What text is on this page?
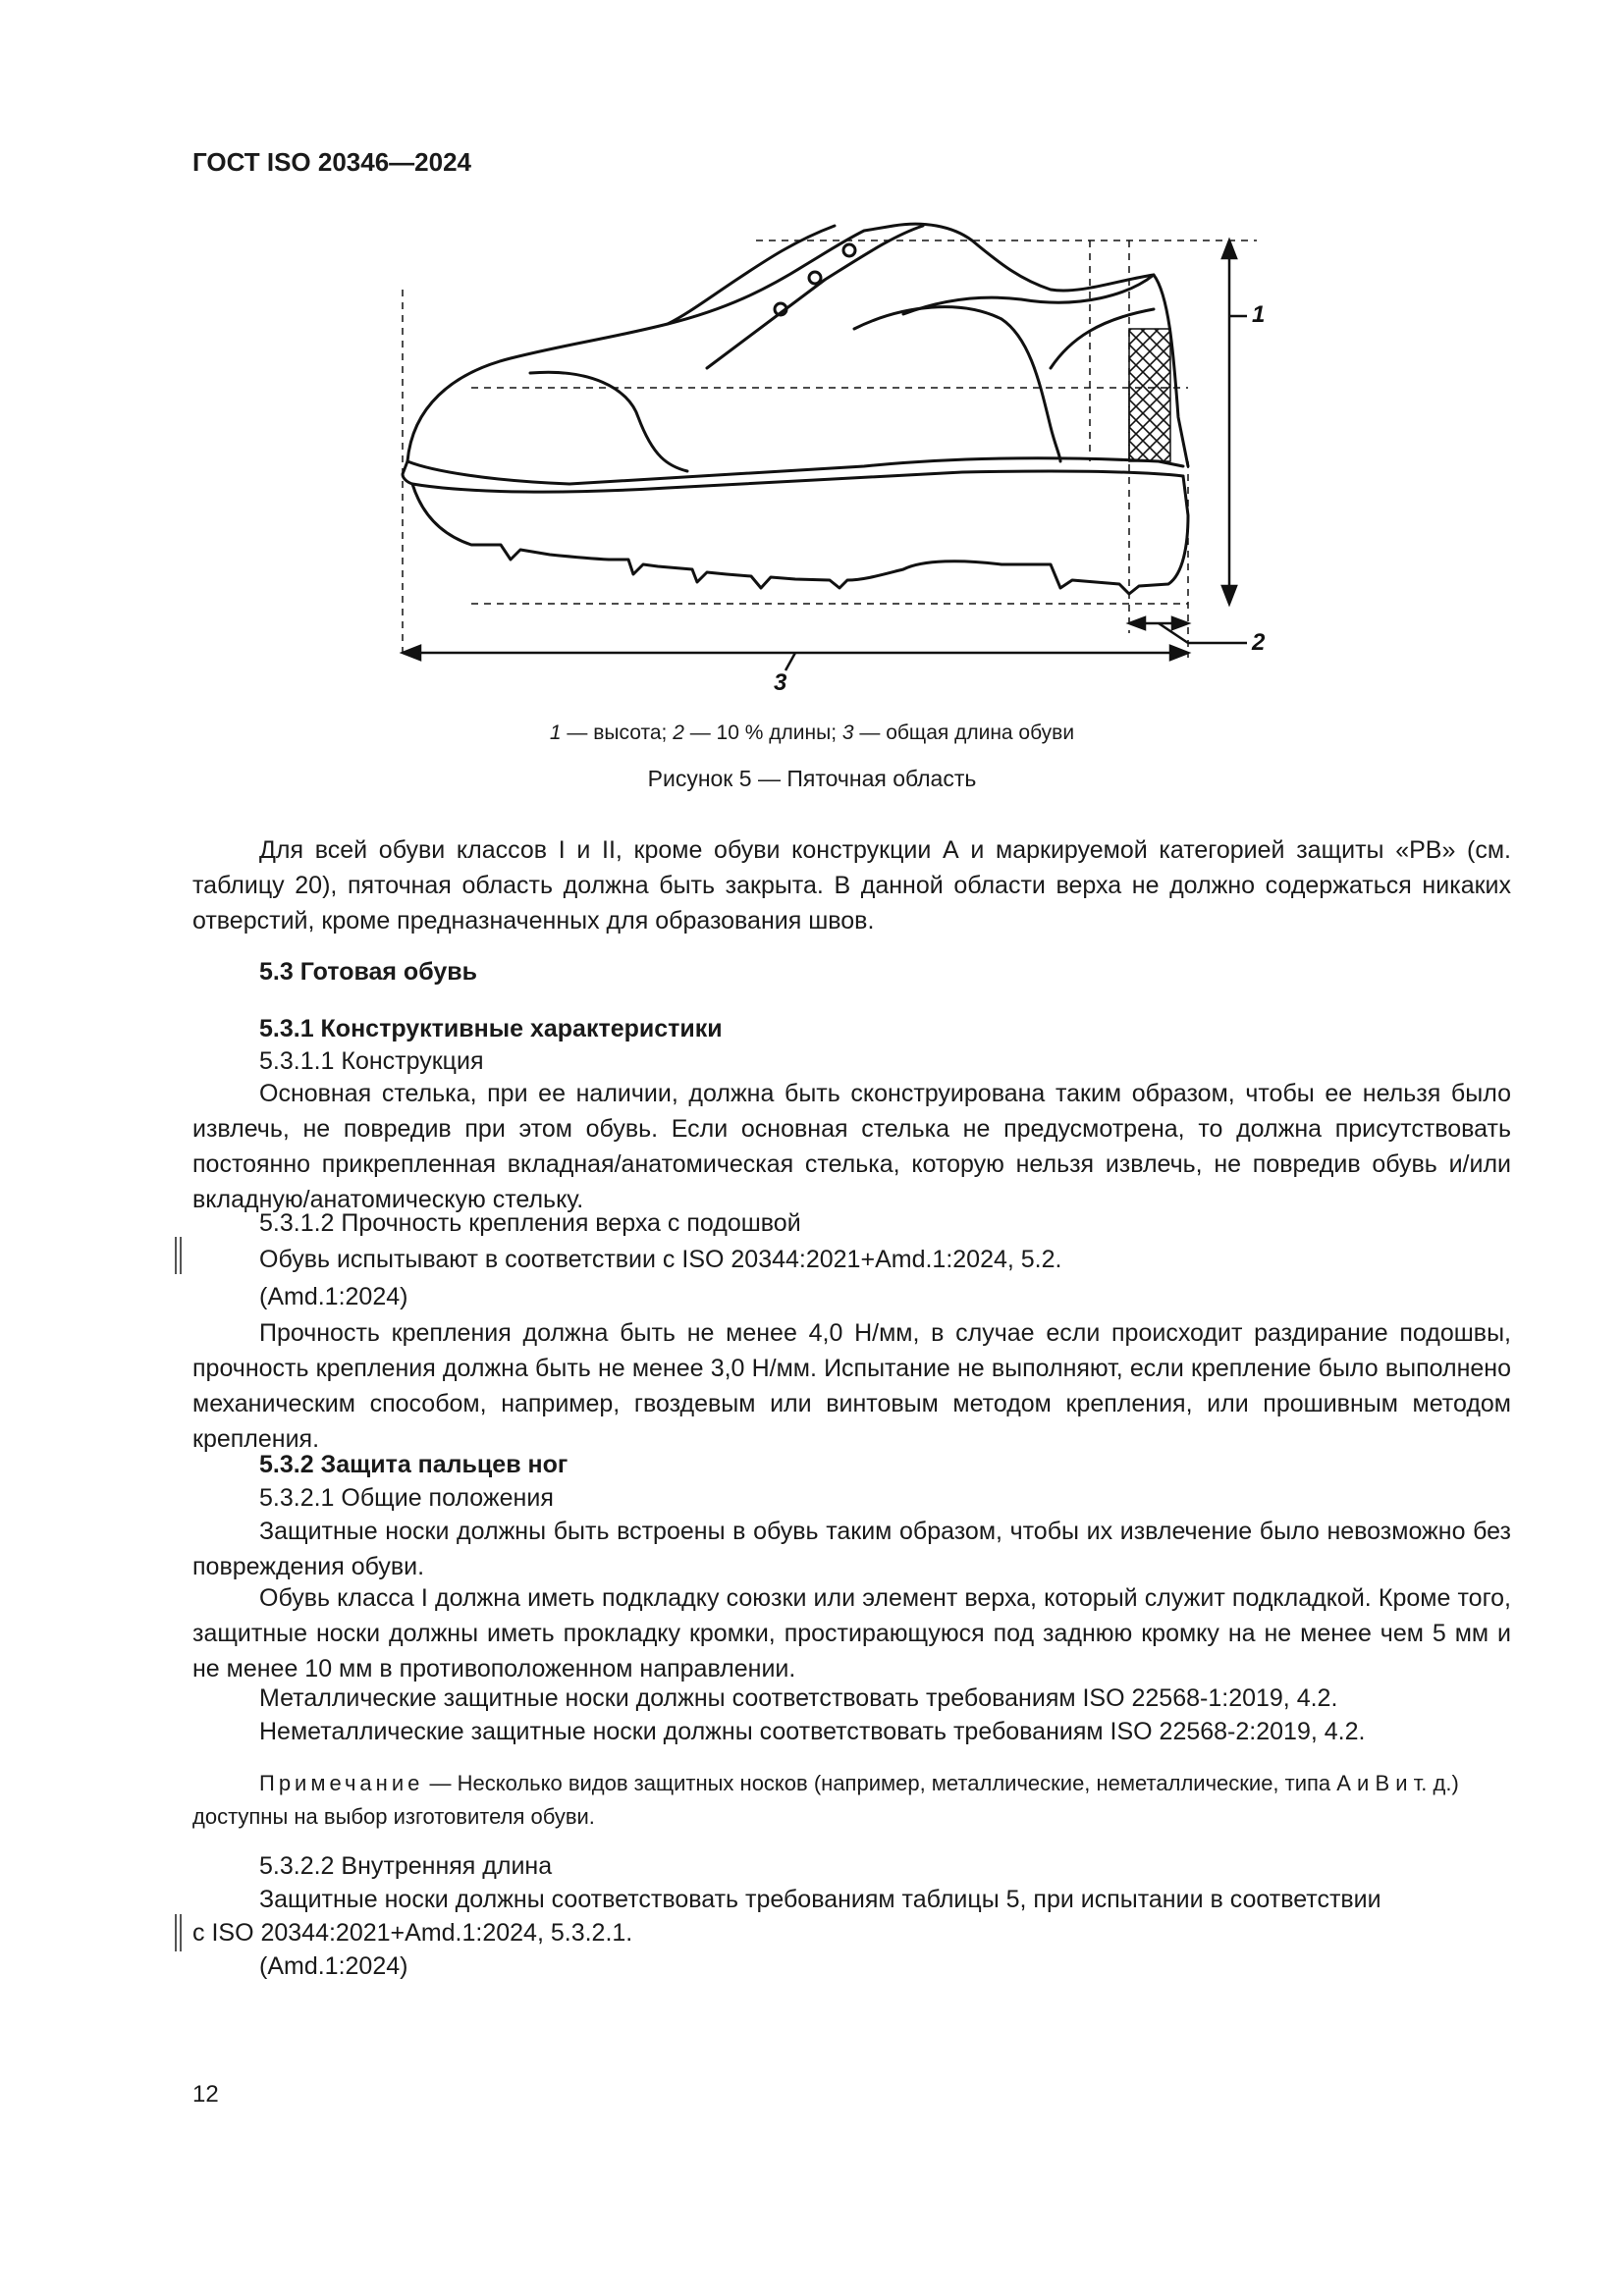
ГОСТ ISO 20346—2024
1
2
3
1 — высота; 2 — 10 % длины; 3 — общая длина обуви
Рисунок 5 — Пяточная область
Для всей обуви классов I и II, кроме обуви конструкции А и маркируемой категорией защиты «РВ» (см. таблицу 20), пяточная область должна быть закрыта. В данной области верха не должно содержаться никаких отверстий, кроме предназначенных для образования швов.
5.3 Готовая обувь
5.3.1 Конструктивные характеристики
5.3.1.1 Конструкция
Основная стелька, при ее наличии, должна быть сконструирована таким образом, чтобы ее нельзя было извлечь, не повредив при этом обувь. Если основная стелька не предусмотрена, то должна присутствовать постоянно прикрепленная вкладная/анатомическая стелька, которую нельзя извлечь, не повредив обувь и/или вкладную/анатомическую стельку.
5.3.1.2 Прочность крепления верха с подошвой
Обувь испытывают в соответствии с ISO 20344:2021+Amd.1:2024, 5.2.
(Amd.1:2024)
Прочность крепления должна быть не менее 4,0 Н/мм, в случае если происходит раздирание подошвы, прочность крепления должна быть не менее 3,0 Н/мм. Испытание не выполняют, если крепление было выполнено механическим способом, например, гвоздевым или винтовым методом крепления, или прошивным методом крепления.
5.3.2 Защита пальцев ног
5.3.2.1 Общие положения
Защитные носки должны быть встроены в обувь таким образом, чтобы их извлечение было невозможно без повреждения обуви.
Обувь класса I должна иметь подкладку союзки или элемент верха, который служит подкладкой. Кроме того, защитные носки должны иметь прокладку кромки, простирающуюся под заднюю кромку на не менее чем 5 мм и не менее 10 мм в противоположенном направлении.
Металлические защитные носки должны соответствовать требованиям ISO 22568-1:2019, 4.2.
Неметаллические защитные носки должны соответствовать требованиям ISO 22568-2:2019, 4.2.
Примечание — Несколько видов защитных носков (например, металлические, неметаллические, типа А и В и т. д.) доступны на выбор изготовителя обуви.
5.3.2.2 Внутренняя длина
Защитные носки должны соответствовать требованиям таблицы 5, при испытании в соответствии
с ISO 20344:2021+Amd.1:2024, 5.3.2.1.
(Amd.1:2024)
12
